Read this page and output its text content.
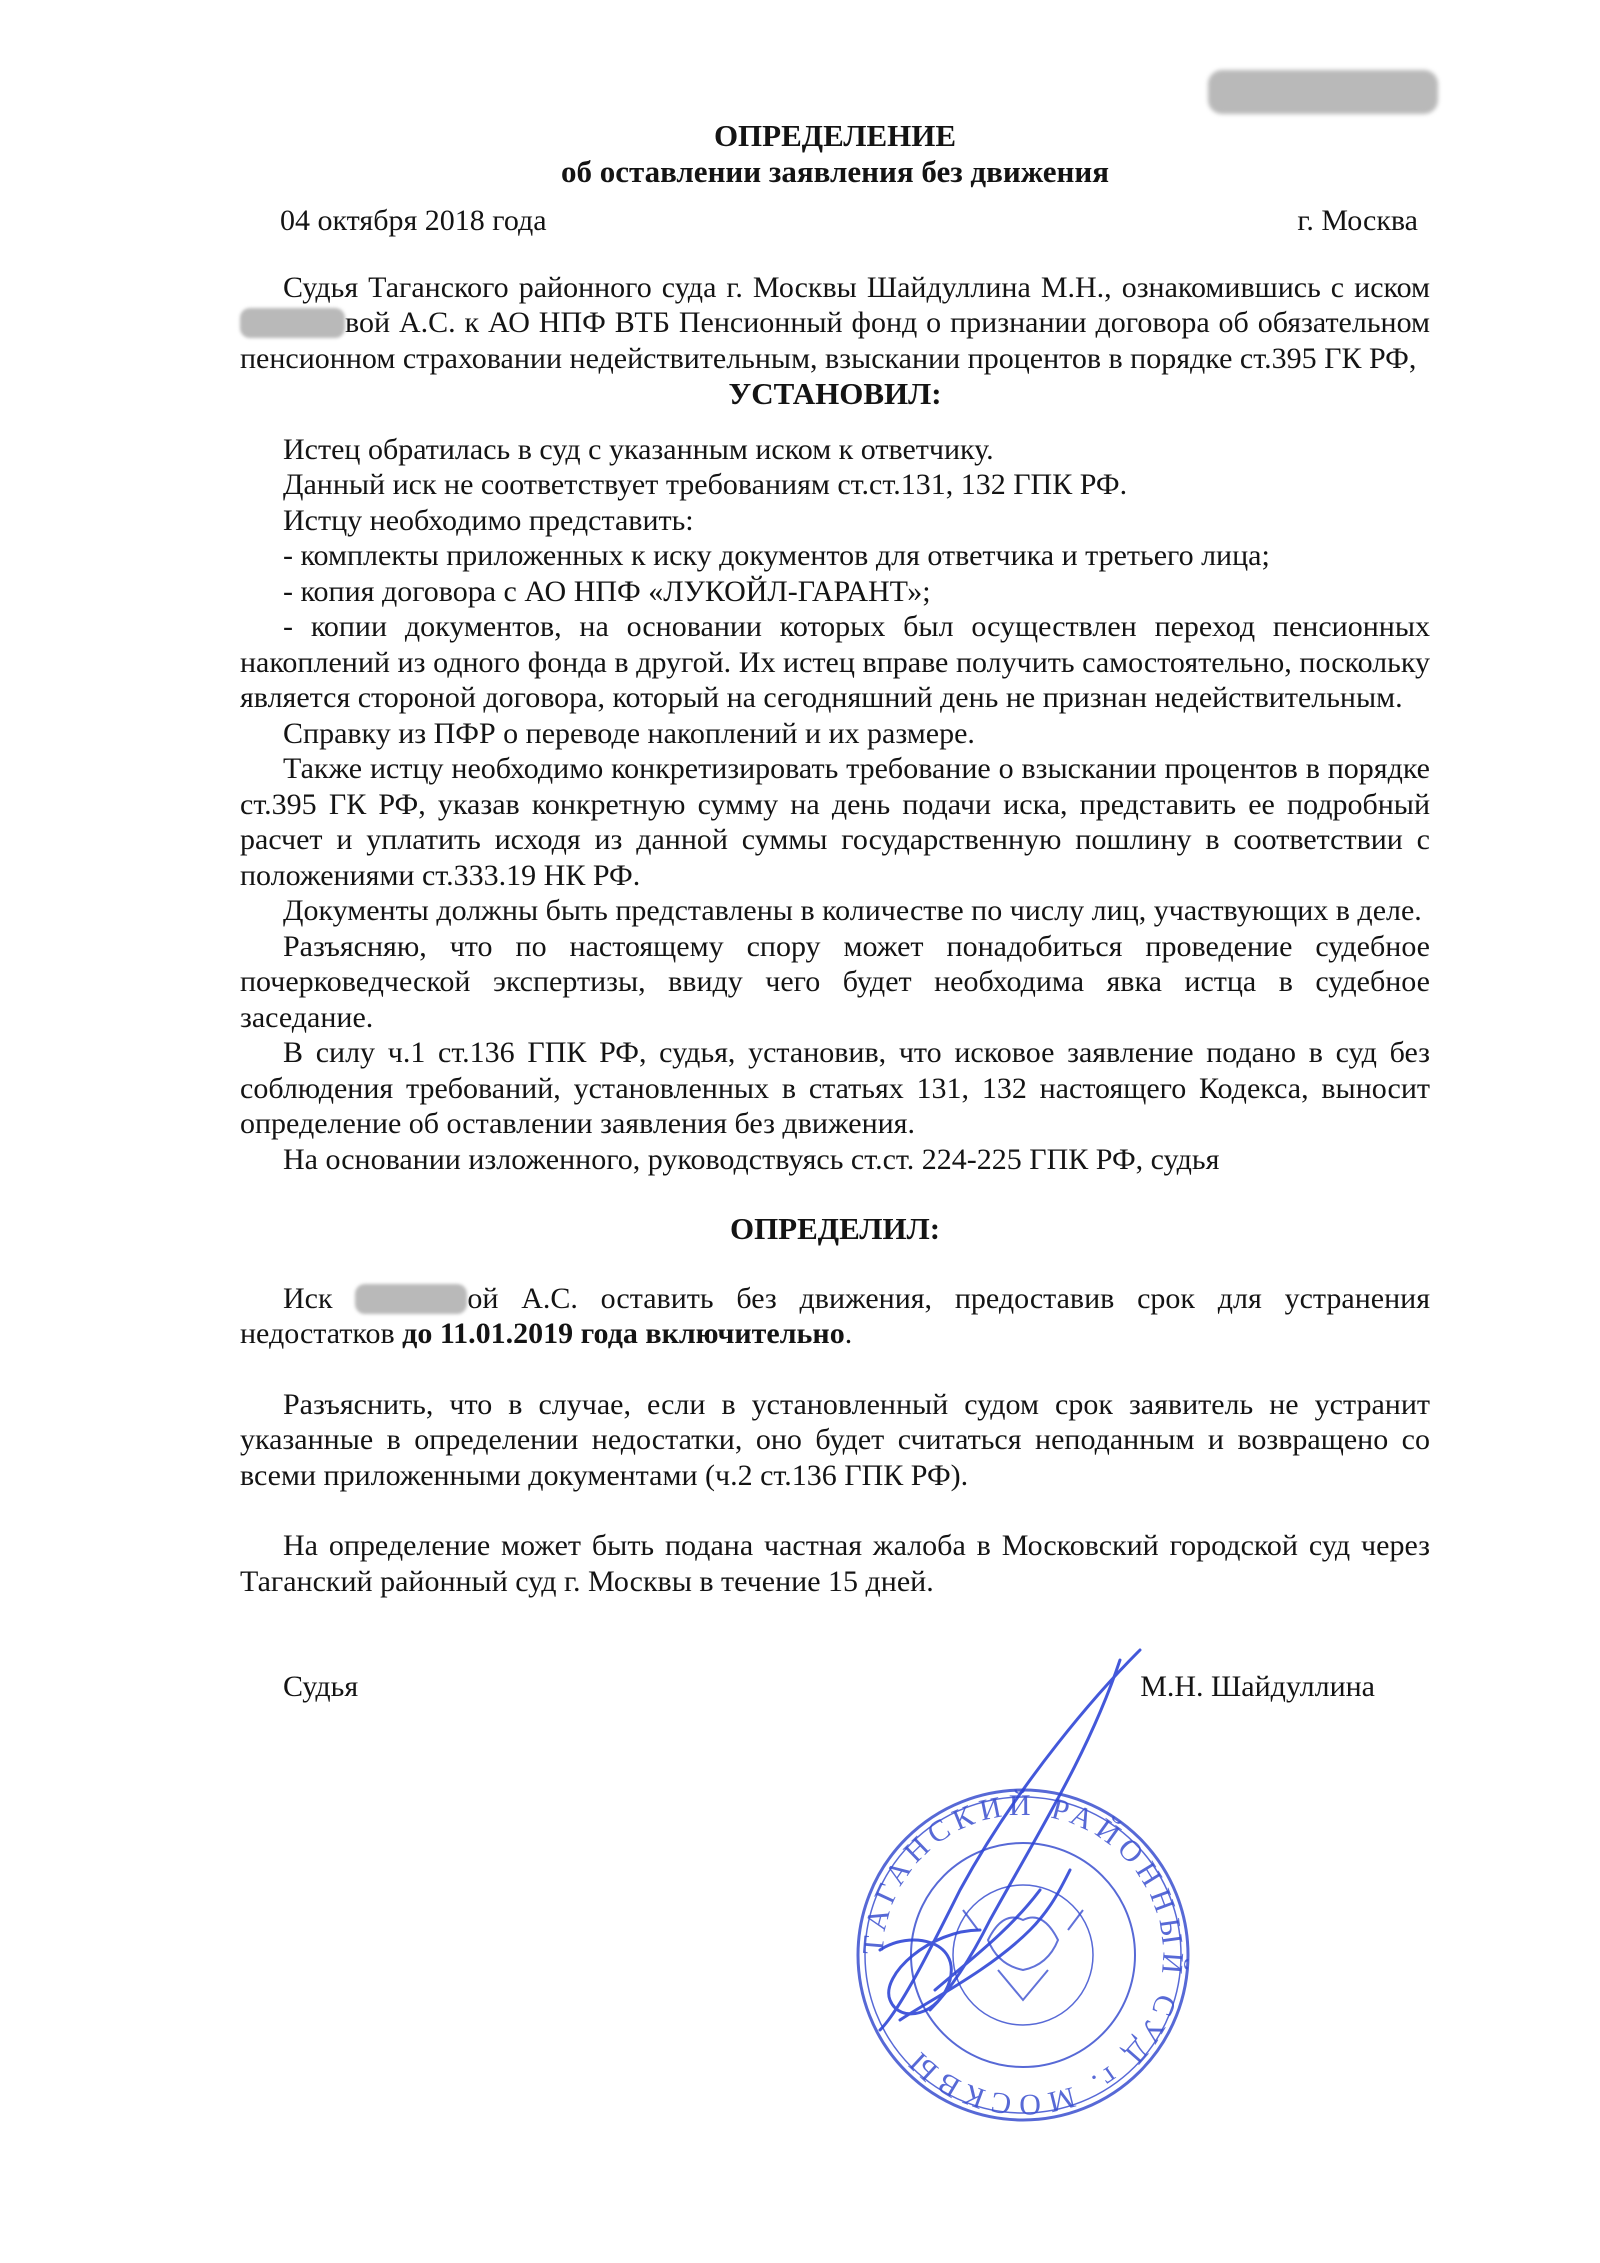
ОПРЕДЕЛЕНИЕ
об оставлении заявления без движения
04 октября 2018 года	г. Москва

Судья Таганского районного суда г. Москвы Шайдуллина М.Н., ознакомившись с иском вой А.С. к АО НПФ ВТБ Пенсионный фонд о признании договора об обязательном пенсионном страховании недействительным, взыскании процентов в порядке ст.395 ГК РФ,

УСТАНОВИЛ:

Истец обратилась в суд с указанным иском к ответчику.

Данный иск не соответствует требованиям ст.ст.131, 132 ГПК РФ.

Истцу необходимо представить:

- комплекты приложенных к иску документов для ответчика и третьего лица;

- копия договора с АО НПФ «ЛУКОЙЛ-ГАРАНТ»;

- копии документов, на основании которых был осуществлен переход пенсионных накоплений из одного фонда в другой. Их истец вправе получить самостоятельно, поскольку является стороной договора, который на сегодняшний день не признан недействительным.

Справку из ПФР о переводе накоплений и их размере.

Также истцу необходимо конкретизировать требование о взыскании процентов в порядке ст.395 ГК РФ, указав конкретную сумму на день подачи иска, представить ее подробный расчет и уплатить исходя из данной суммы государственную пошлину в соответствии с положениями ст.333.19 НК РФ.

Документы должны быть представлены в количестве по числу лиц, участвующих в деле.

Разъясняю, что по настоящему спору может понадобиться проведение судебное почерковедческой экспертизы, ввиду чего будет необходима явка истца в судебное заседание.

В силу ч.1 ст.136 ГПК РФ, судья, установив, что исковое заявление подано в суд без соблюдения требований, установленных в статьях 131, 132 настоящего Кодекса, выносит определение об оставлении заявления без движения.

На основании изложенного, руководствуясь ст.ст. 224-225 ГПК РФ, судья

ОПРЕДЕЛИЛ:

Иск	ой А.С. оставить без движения, предоставив срок для устранения недостатков до 11.01.2019 года включительно.

Разъяснить, что в случае, если в установленный судом срок заявитель не устранит указанные в определении недостатки, оно будет считаться неподанным и возвращено со всеми приложенными документами (ч.2 ст.136 ГПК РФ).

На определение может быть подана частная жалоба в Московский городской суд через Таганский районный суд г. Москвы в течение 15 дней.

Судья	М.Н. Шайдуллина
ТАГАНСКИЙ РАЙОННЫЙ СУД г. МОСКВЫ
